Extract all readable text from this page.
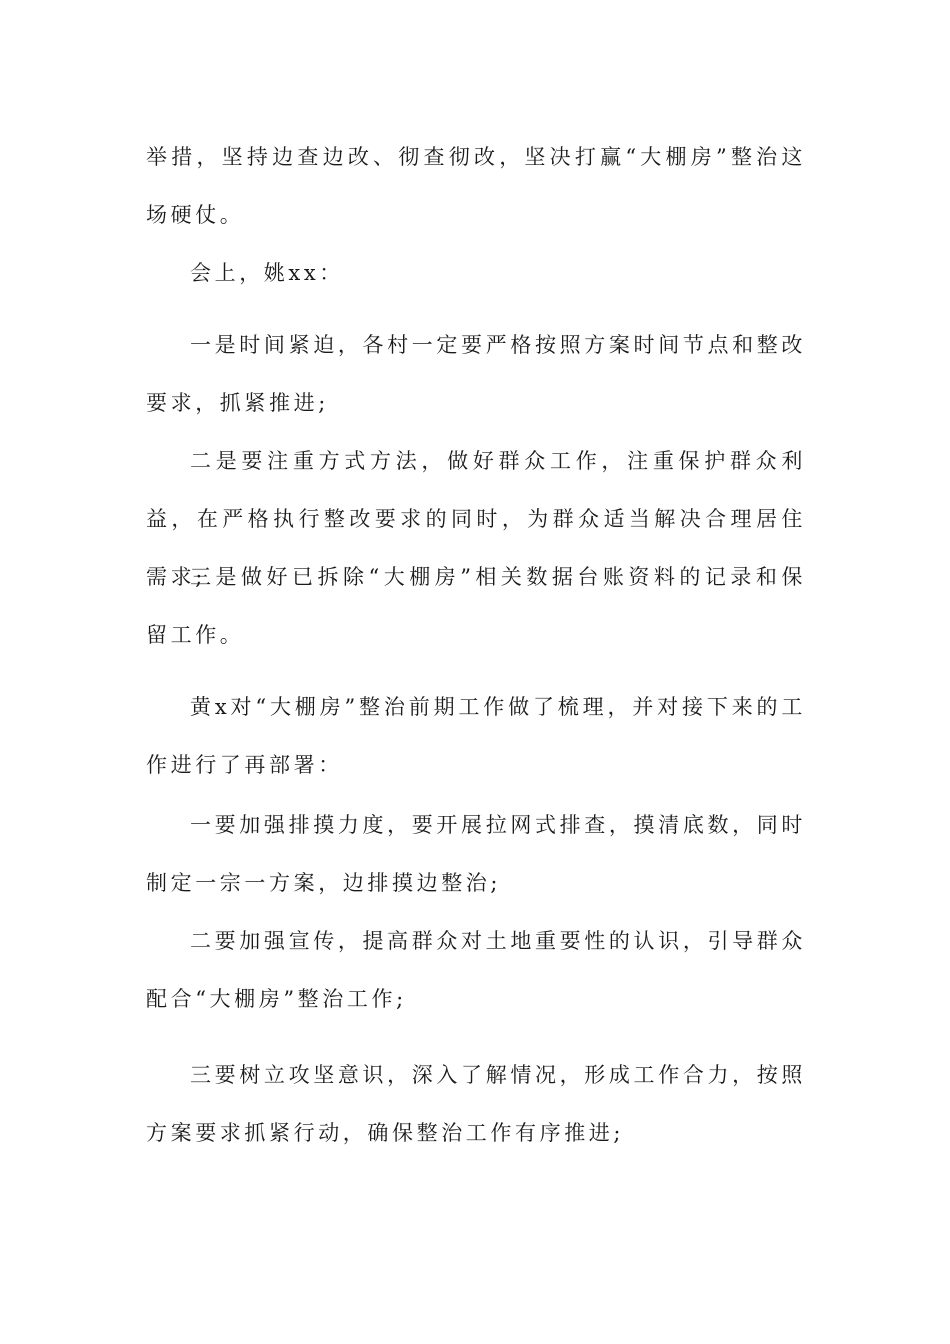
举措，坚持边查边改、彻查彻改，坚决打赢“大棚房”整治这场硬仗。

会上，姚xx：

一是时间紧迫，各村一定要严格按照方案时间节点和整改要求，抓紧推进;

二是要注重方式方法，做好群众工作，注重保护群众利益，在严格执行整改要求的同时，为群众适当解决合理居住需求;

三是做好已拆除“大棚房”相关数据台账资料的记录和保留工作。

黄x对“大棚房”整治前期工作做了梳理，并对接下来的工作进行了再部署：

一要加强排摸力度，要开展拉网式排查，摸清底数，同时制定一宗一方案，边排摸边整治;

二要加强宣传，提高群众对土地重要性的认识，引导群众配合“大棚房”整治工作;

三要树立攻坚意识，深入了解情况，形成工作合力，按照方案要求抓紧行动，确保整治工作有序推进;
